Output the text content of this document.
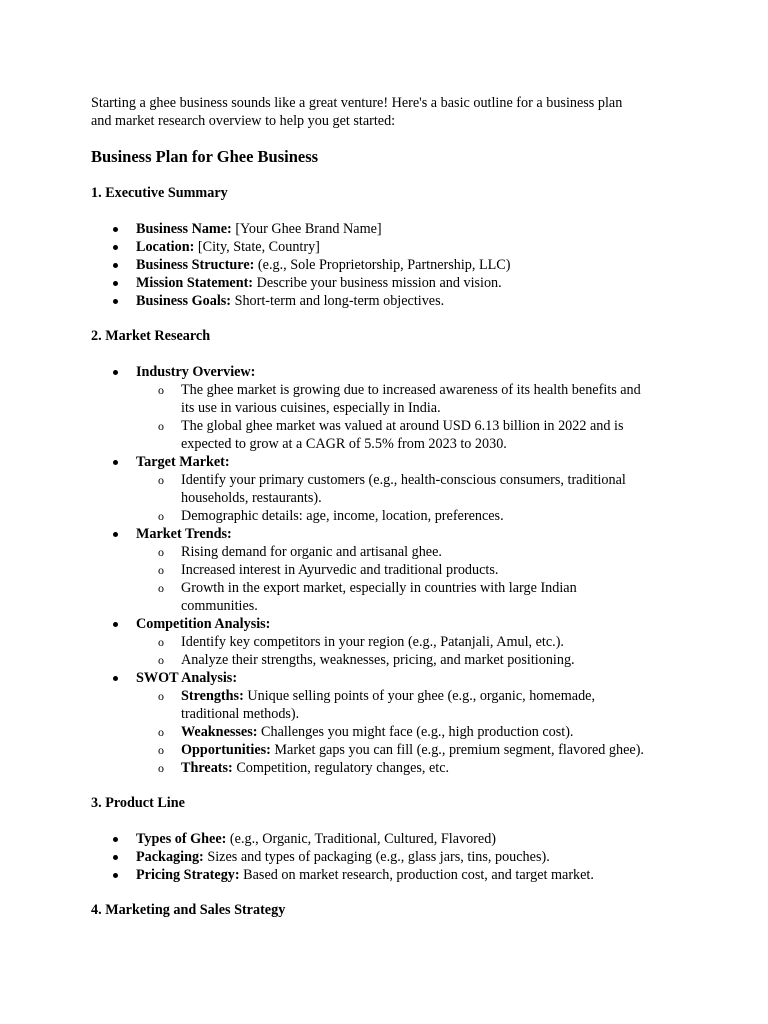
Starting a ghee business sounds like a great venture! Here's a basic outline for a business plan
and market research overview to help you get started:

Business Plan for Ghee Business
1. Executive Summary
Business Name: [Your Ghee Brand Name]
Location: [City, State, Country]
Business Structure: (e.g., Sole Proprietorship, Partnership, LLC)
Mission Statement: Describe your business mission and vision.
Business Goals: Short-term and long-term objectives.
2. Market Research
Industry Overview:
o The ghee market is growing due to increased awareness of its health benefits and
its use in various cuisines, especially in India.
o The global ghee market was valued at around USD 6.13 billion in 2022 and is
expected to grow at a CAGR of 5.5% from 2023 to 2030.
Target Market:
o Identify your primary customers (e.g., health-conscious consumers, traditional
households, restaurants).
o Demographic details: age, income, location, preferences.
Market Trends:
o Rising demand for organic and artisanal ghee.
o Increased interest in Ayurvedic and traditional products.
o Growth in the export market, especially in countries with large Indian
communities.
Competition Analysis:
o Identify key competitors in your region (e.g., Patanjali, Amul, etc.).
o Analyze their strengths, weaknesses, pricing, and market positioning.
SWOT Analysis:
o Strengths: Unique selling points of your ghee (e.g., organic, homemade,
traditional methods).
o Weaknesses: Challenges you might face (e.g., high production cost).
o Opportunities: Market gaps you can fill (e.g., premium segment, flavored ghee).
o Threats: Competition, regulatory changes, etc.
3. Product Line
Types of Ghee: (e.g., Organic, Traditional, Cultured, Flavored)
Packaging: Sizes and types of packaging (e.g., glass jars, tins, pouches).
Pricing Strategy: Based on market research, production cost, and target market.
4. Marketing and Sales Strategy
